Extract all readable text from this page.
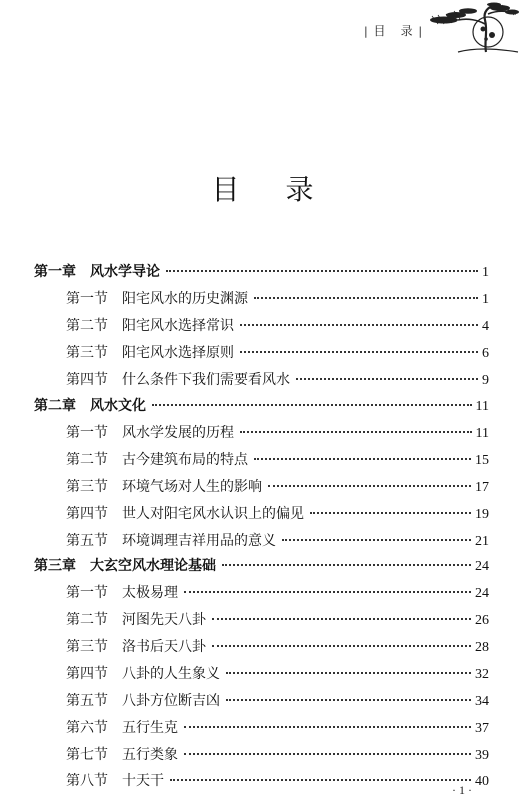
| 目 录 |
目 录
第一章 风水学导论	1
第一节 阳宅风水的历史渊源	1
第二节 阳宅风水选择常识	4
第三节 阳宅风水选择原则	6
第四节 什么条件下我们需要看风水	9
第二章 风水文化	11
第一节 风水学发展的历程	11
第二节 古今建筑布局的特点	15
第三节 环境气场对人生的影响	17
第四节 世人对阳宅风水认识上的偏见	19
第五节 环境调理吉祥用品的意义	21
第三章 大玄空风水理论基础	24
第一节 太极易理	24
第二节 河图先天八卦	26
第三节 洛书后天八卦	28
第四节 八卦的人生象义	32
第五节 八卦方位断吉凶	34
第六节 五行生克	37
第七节 五行类象	39
第八节 十天干	40
· 1 ·
